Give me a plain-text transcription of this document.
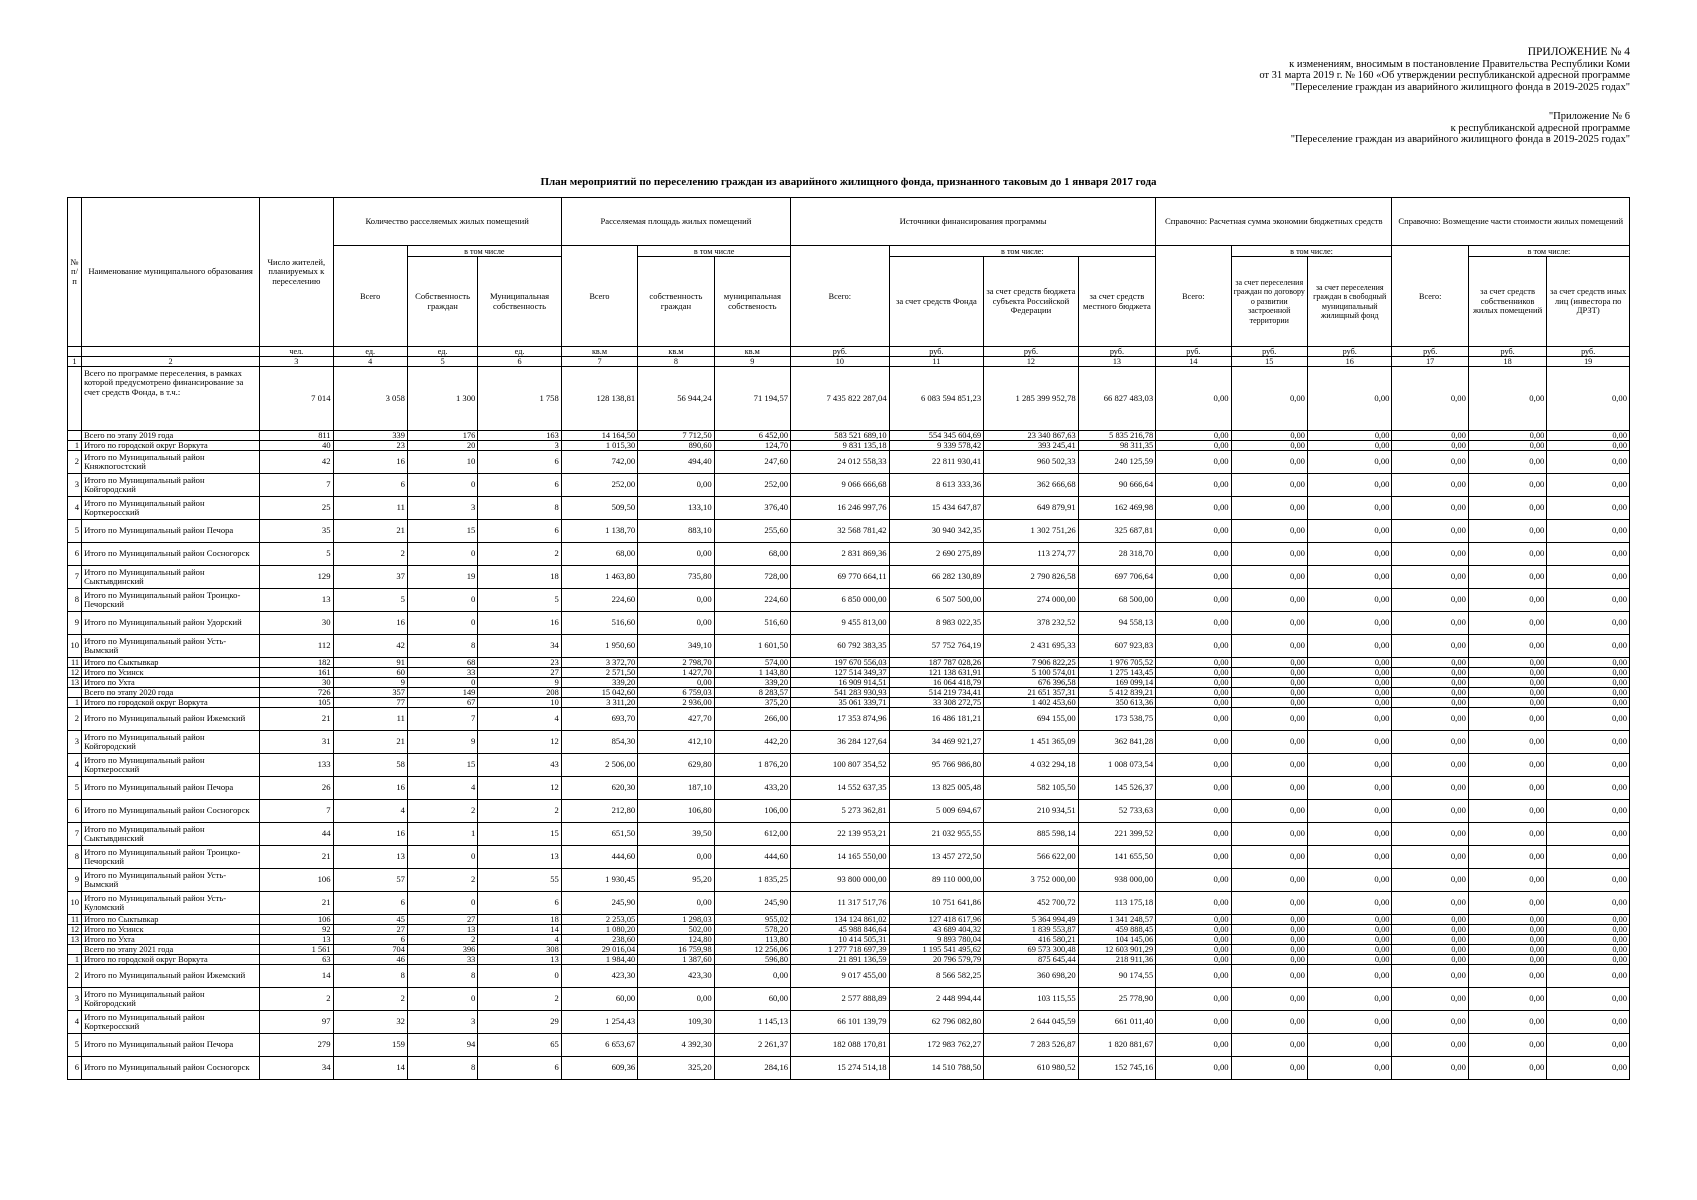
ПРИЛОЖЕНИЕ № 4
к изменениям, вносимым в постановление Правительства Республики Коми
от 31 марта 2019 г. № 160 «Об утверждении республиканской адресной программе
"Переселение граждан из аварийного жилищного фонда в 2019-2025 годах"
"Приложение № 6
к республиканской адресной программе
"Переселение граждан из аварийного жилищного фонда в 2019-2025 годах"
План мероприятий по переселению граждан из аварийного жилищного фонда, признанного таковым до 1 января 2017 года
№ п/п	Наименование муниципального образования	Число жителей, планируемых к переселению	Количество расселяемых жилых помещений			Расселяемая площадь жилых помещений			Источники финансирования программы				Справочно: Расчетная сумма экономии бюджетных средств			Справочно: Возмещение части стоимости жилых помещений		
			Всего	в том числе		Всего	в том числе		Всего:	в том числе:			Всего:	в том числе:		Всего:	в том числе:	
				Собственность граждан	Муниципальная собственность		собственность граждан	муниципальная собственость		за счет средств Фонда	за счет средств бюджета субъекта Российской Федерации	за счет средств местного бюджета		за счет переселения граждан по договору о развитии застроенной территории	за счет переселения граждан в свободный муниципальный жилищный фонд		за счет средств собственников жилых помещений	за счет средств иных лиц (инвестора по ДРЗТ)
		чел.	ед.	ед.	ед.	кв.м	кв.м	кв.м	руб.	руб.	руб.	руб.	руб.	руб.	руб.	руб.	руб.	руб.
1	2	3	4	5	6	7	8	9	10	11	12	13	14	15	16	17	18	19
	Всего по программе переселения, в рамках которой предусмотрено финансирование за счет средств Фонда, в т.ч.:	7 014	3 058	1 300	1 758	128 138,81	56 944,24	71 194,57	7 435 822 287,04	6 083 594 851,23	1 285 399 952,78	66 827 483,03	0,00	0,00	0,00	0,00	0,00	0,00
	Всего по этапу 2019 года	811	339	176	163	14 164,50	7 712,50	6 452,00	583 521 689,10	554 345 604,69	23 340 867,63	5 835 216,78	0,00	0,00	0,00	0,00	0,00	0,00
1	Итого по городской округ Воркута	40	23	20	3	1 015,30	890,60	124,70	9 831 135,18	9 339 578,42	393 245,41	98 311,35	0,00	0,00	0,00	0,00	0,00	0,00
2	Итого по Муниципальный район Княжпогостский	42	16	10	6	742,00	494,40	247,60	24 012 558,33	22 811 930,41	960 502,33	240 125,59	0,00	0,00	0,00	0,00	0,00	0,00
3	Итого по Муниципальный район Койгородский	7	6	0	6	252,00	0,00	252,00	9 066 666,68	8 613 333,36	362 666,68	90 666,64	0,00	0,00	0,00	0,00	0,00	0,00
4	Итого по Муниципальный район Корткеросский	25	11	3	8	509,50	133,10	376,40	16 246 997,76	15 434 647,87	649 879,91	162 469,98	0,00	0,00	0,00	0,00	0,00	0,00
5	Итого по Муниципальный район Печора	35	21	15	6	1 138,70	883,10	255,60	32 568 781,42	30 940 342,35	1 302 751,26	325 687,81	0,00	0,00	0,00	0,00	0,00	0,00
6	Итого по Муниципальный район Сосногорск	5	2	0	2	68,00	0,00	68,00	2 831 869,36	2 690 275,89	113 274,77	28 318,70	0,00	0,00	0,00	0,00	0,00	0,00
7	Итого по Муниципальный район Сыктывдинский	129	37	19	18	1 463,80	735,80	728,00	69 770 664,11	66 282 130,89	2 790 826,58	697 706,64	0,00	0,00	0,00	0,00	0,00	0,00
8	Итого по Муниципальный район Троицко-Печорский	13	5	0	5	224,60	0,00	224,60	6 850 000,00	6 507 500,00	274 000,00	68 500,00	0,00	0,00	0,00	0,00	0,00	0,00
9	Итого по Муниципальный район Удорский	30	16	0	16	516,60	0,00	516,60	9 455 813,00	8 983 022,35	378 232,52	94 558,13	0,00	0,00	0,00	0,00	0,00	0,00
10	Итого по Муниципальный район Усть-Вымский	112	42	8	34	1 950,60	349,10	1 601,50	60 792 383,35	57 752 764,19	2 431 695,33	607 923,83	0,00	0,00	0,00	0,00	0,00	0,00
11	Итого по Сыктывкар	182	91	68	23	3 372,70	2 798,70	574,00	197 670 556,03	187 787 028,26	7 906 822,25	1 976 705,52	0,00	0,00	0,00	0,00	0,00	0,00
12	Итого по Усинск	161	60	33	27	2 571,50	1 427,70	1 143,80	127 514 349,37	121 138 631,91	5 100 574,01	1 275 143,45	0,00	0,00	0,00	0,00	0,00	0,00
13	Итого по Ухта	30	9	0	9	339,20	0,00	339,20	16 909 914,51	16 064 418,79	676 396,58	169 099,14	0,00	0,00	0,00	0,00	0,00	0,00
	Всего по этапу 2020 года	726	357	149	208	15 042,60	6 759,03	8 283,57	541 283 930,93	514 219 734,41	21 651 357,31	5 412 839,21	0,00	0,00	0,00	0,00	0,00	0,00
1	Итого по городской округ Воркута	105	77	67	10	3 311,20	2 936,00	375,20	35 061 339,71	33 308 272,75	1 402 453,60	350 613,36	0,00	0,00	0,00	0,00	0,00	0,00
2	Итого по Муниципальный район Ижемский	21	11	7	4	693,70	427,70	266,00	17 353 874,96	16 486 181,21	694 155,00	173 538,75	0,00	0,00	0,00	0,00	0,00	0,00
3	Итого по Муниципальный район Койгородский	31	21	9	12	854,30	412,10	442,20	36 284 127,64	34 469 921,27	1 451 365,09	362 841,28	0,00	0,00	0,00	0,00	0,00	0,00
4	Итого по Муниципальный район Корткеросский	133	58	15	43	2 506,00	629,80	1 876,20	100 807 354,52	95 766 986,80	4 032 294,18	1 008 073,54	0,00	0,00	0,00	0,00	0,00	0,00
5	Итого по Муниципальный район Печора	26	16	4	12	620,30	187,10	433,20	14 552 637,35	13 825 005,48	582 105,50	145 526,37	0,00	0,00	0,00	0,00	0,00	0,00
6	Итого по Муниципальный район Сосногорск	7	4	2	2	212,80	106,80	106,00	5 273 362,81	5 009 694,67	210 934,51	52 733,63	0,00	0,00	0,00	0,00	0,00	0,00
7	Итого по Муниципальный район Сыктывдинский	44	16	1	15	651,50	39,50	612,00	22 139 953,21	21 032 955,55	885 598,14	221 399,52	0,00	0,00	0,00	0,00	0,00	0,00
8	Итого по Муниципальный район Троицко-Печорский	21	13	0	13	444,60	0,00	444,60	14 165 550,00	13 457 272,50	566 622,00	141 655,50	0,00	0,00	0,00	0,00	0,00	0,00
9	Итого по Муниципальный район Усть-Вымский	106	57	2	55	1 930,45	95,20	1 835,25	93 800 000,00	89 110 000,00	3 752 000,00	938 000,00	0,00	0,00	0,00	0,00	0,00	0,00
10	Итого по Муниципальный район Усть-Куломский	21	6	0	6	245,90	0,00	245,90	11 317 517,76	10 751 641,86	452 700,72	113 175,18	0,00	0,00	0,00	0,00	0,00	0,00
11	Итого по Сыктывкар	106	45	27	18	2 253,05	1 298,03	955,02	134 124 861,02	127 418 617,96	5 364 994,49	1 341 248,57	0,00	0,00	0,00	0,00	0,00	0,00
12	Итого по Усинск	92	27	13	14	1 080,20	502,00	578,20	45 988 846,64	43 689 404,32	1 839 553,87	459 888,45	0,00	0,00	0,00	0,00	0,00	0,00
13	Итого по Ухта	13	6	2	4	238,60	124,80	113,80	10 414 505,31	9 893 780,04	416 580,21	104 145,06	0,00	0,00	0,00	0,00	0,00	0,00
	Всего по этапу 2021 года	1 561	704	396	308	29 016,04	16 759,98	12 256,06	1 277 718 697,39	1 195 541 495,62	69 573 300,48	12 603 901,29	0,00	0,00	0,00	0,00	0,00	0,00
1	Итого по городской округ Воркута	63	46	33	13	1 984,40	1 387,60	596,80	21 891 136,59	20 796 579,79	875 645,44	218 911,36	0,00	0,00	0,00	0,00	0,00	0,00
2	Итого по Муниципальный район Ижемский	14	8	8	0	423,30	423,30	0,00	9 017 455,00	8 566 582,25	360 698,20	90 174,55	0,00	0,00	0,00	0,00	0,00	0,00
3	Итого по Муниципальный район Койгородский	2	2	0	2	60,00	0,00	60,00	2 577 888,89	2 448 994,44	103 115,55	25 778,90	0,00	0,00	0,00	0,00	0,00	0,00
4	Итого по Муниципальный район Корткеросский	97	32	3	29	1 254,43	109,30	1 145,13	66 101 139,79	62 796 082,80	2 644 045,59	661 011,40	0,00	0,00	0,00	0,00	0,00	0,00
5	Итого по Муниципальный район Печора	279	159	94	65	6 653,67	4 392,30	2 261,37	182 088 170,81	172 983 762,27	7 283 526,87	1 820 881,67	0,00	0,00	0,00	0,00	0,00	0,00
6	Итого по Муниципальный район Сосногорск	34	14	8	6	609,36	325,20	284,16	15 274 514,18	14 510 788,50	610 980,52	152 745,16	0,00	0,00	0,00	0,00	0,00	0,00
